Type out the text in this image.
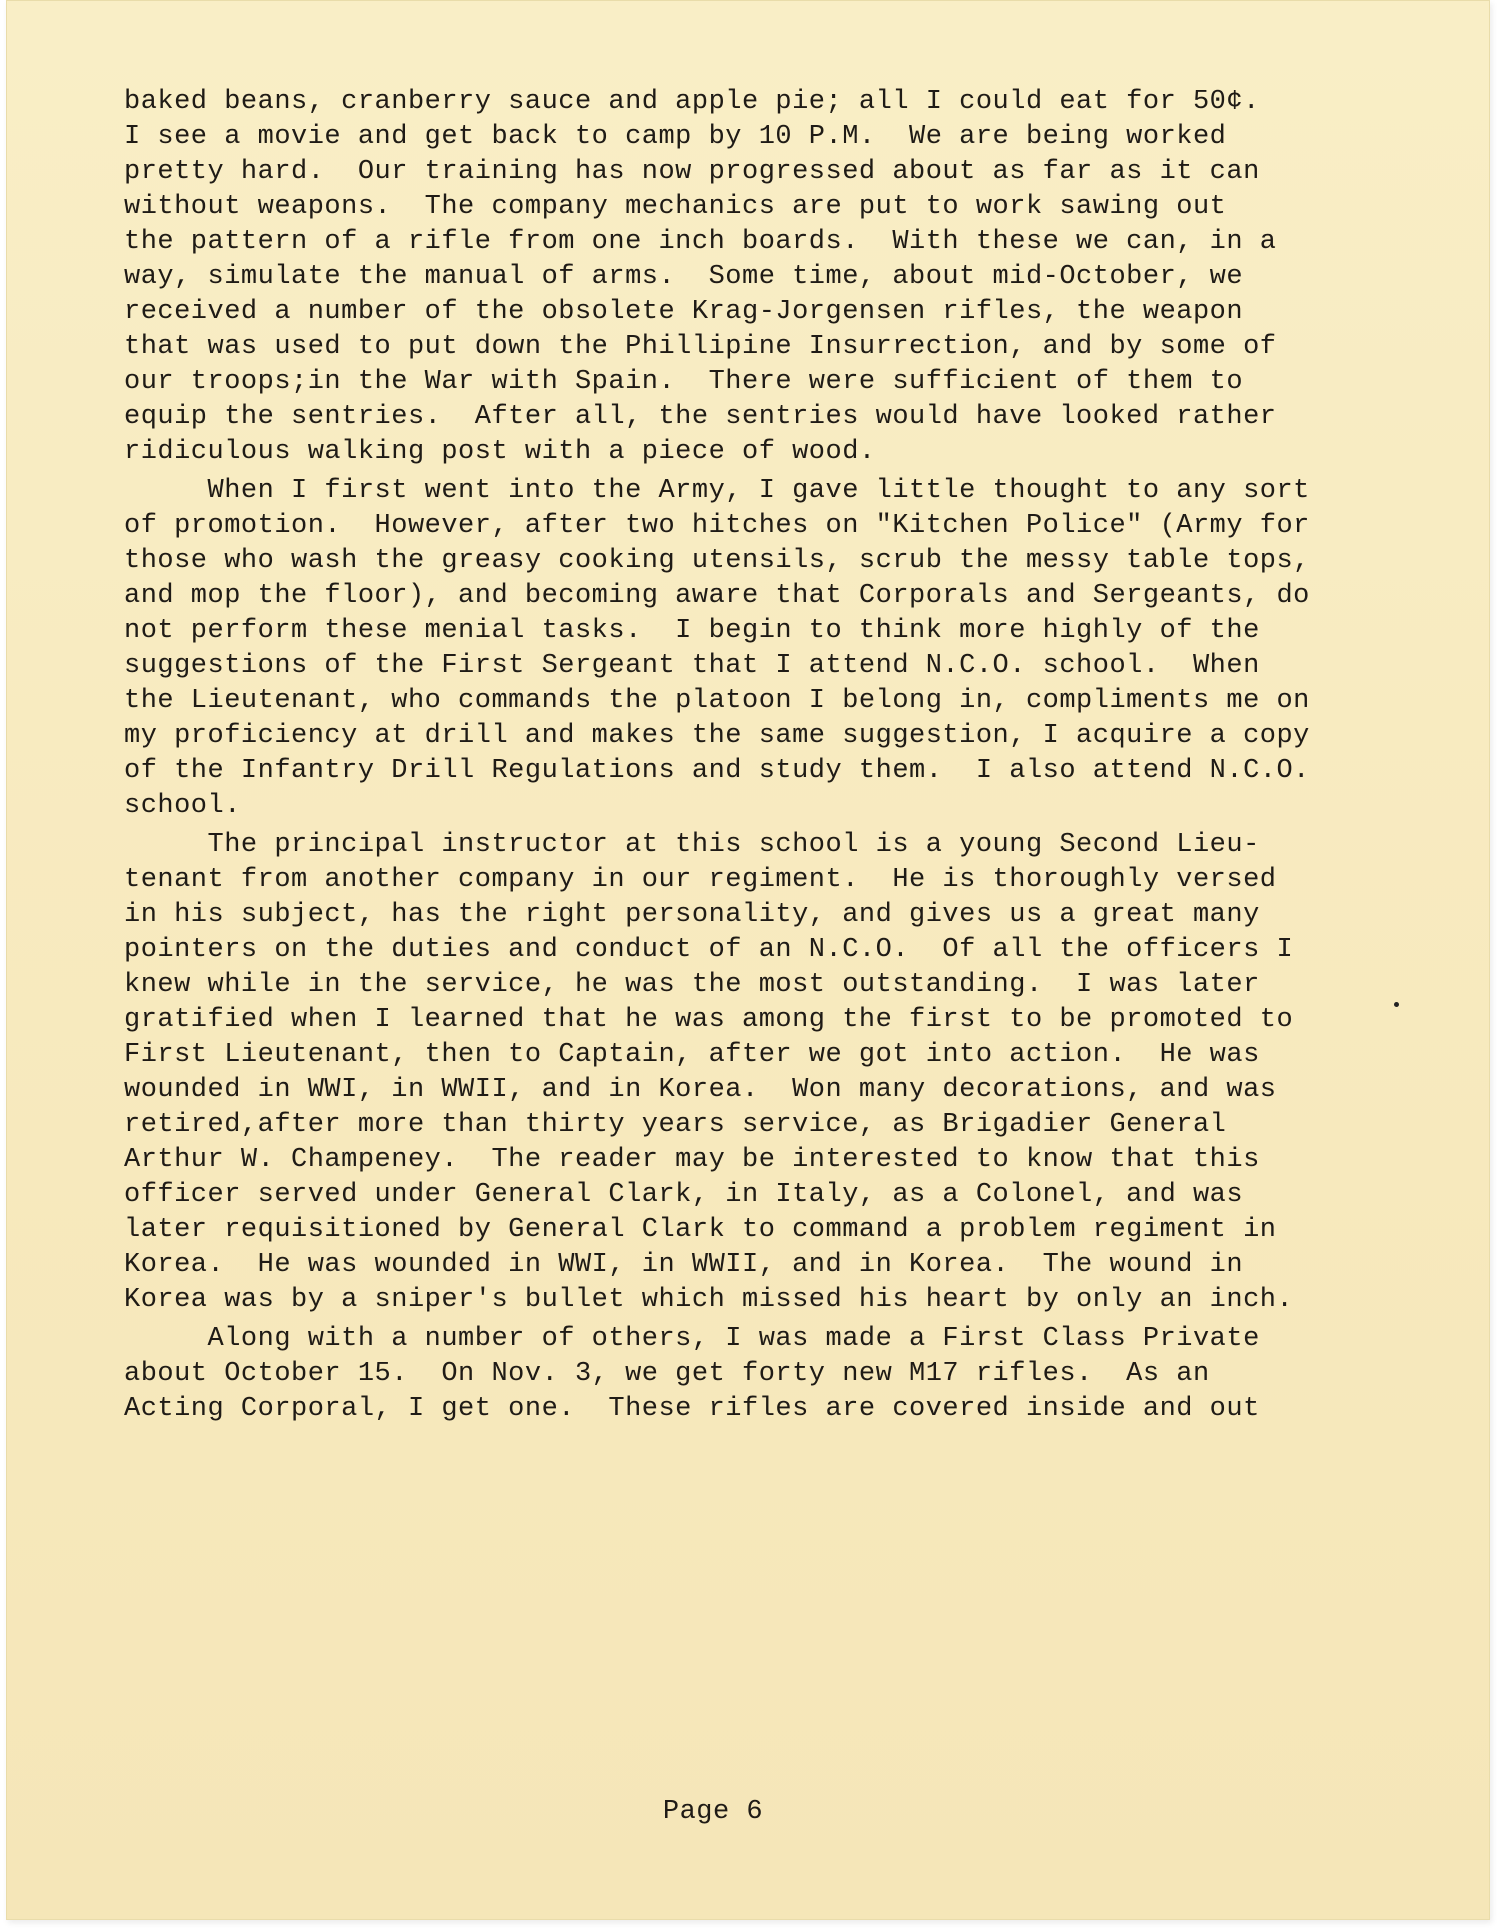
baked beans, cranberry sauce and apple pie; all I could eat for 50¢.

I see a movie and get back to camp by 10 P.M.  We are being worked

pretty hard.  Our training has now progressed about as far as it can

without weapons.  The company mechanics are put to work sawing out

the pattern of a rifle from one inch boards.  With these we can, in a

way, simulate the manual of arms.  Some time, about mid-October, we

received a number of the obsolete Krag-Jorgensen rifles, the weapon

that was used to put down the Phillipine Insurrection, and by some of

our troops;in the War with Spain.  There were sufficient of them to

equip the sentries.  After all, the sentries would have looked rather

ridiculous walking post with a piece of wood.

When I first went into the Army, I gave little thought to any sort

of promotion.  However, after two hitches on "Kitchen Police" (Army for

those who wash the greasy cooking utensils, scrub the messy table tops,

and mop the floor), and becoming aware that Corporals and Sergeants, do

not perform these menial tasks.  I begin to think more highly of the

suggestions of the First Sergeant that I attend N.C.O. school.  When

the Lieutenant, who commands the platoon I belong in, compliments me on

my proficiency at drill and makes the same suggestion, I acquire a copy

of the Infantry Drill Regulations and study them.  I also attend N.C.O.

school.

The principal instructor at this school is a young Second Lieu-

tenant from another company in our regiment.  He is thoroughly versed

in his subject, has the right personality, and gives us a great many

pointers on the duties and conduct of an N.C.O.  Of all the officers I

knew while in the service, he was the most outstanding.  I was later

gratified when I learned that he was among the first to be promoted to

First Lieutenant, then to Captain, after we got into action.  He was

wounded in WWI, in WWII, and in Korea.  Won many decorations, and was

retired,after more than thirty years service, as Brigadier General

Arthur W. Champeney.  The reader may be interested to know that this

officer served under General Clark, in Italy, as a Colonel, and was

later requisitioned by General Clark to command a problem regiment in

Korea.  He was wounded in WWI, in WWII, and in Korea.  The wound in

Korea was by a sniper's bullet which missed his heart by only an inch.

Along with a number of others, I was made a First Class Private

about October 15.  On Nov. 3, we get forty new M17 rifles.  As an

Acting Corporal, I get one.  These rifles are covered inside and out

Page 6
